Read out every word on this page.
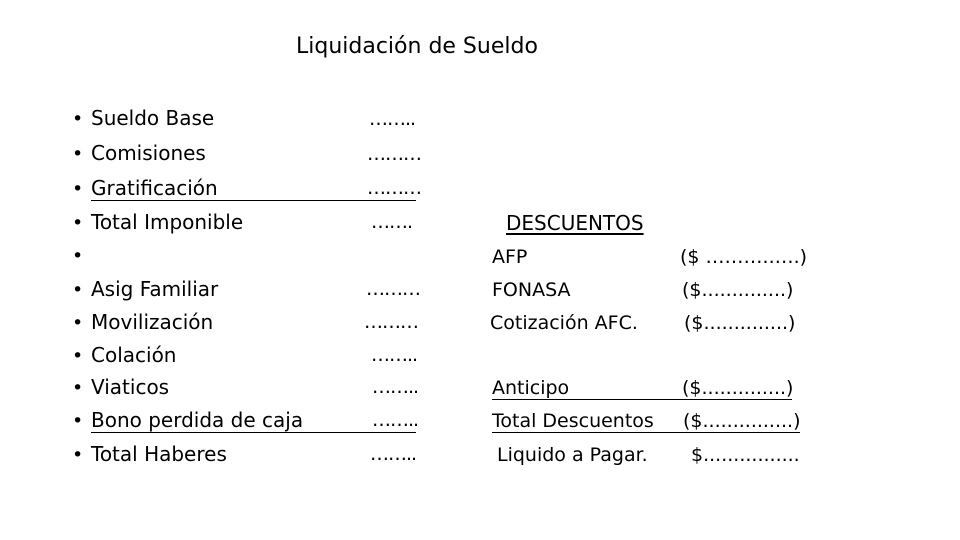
Liquidación de Sueldo
•
•
•
•
•
•
•
•
•
•
•
Sueldo Base
Comisiones
Gratificación
Total Imponible
Asig Familiar
Movilización
Colación
Viaticos
Bono perdida de caja
Total Haberes
……..
………
………
…….
………
………
……..
……..
……..
……..
DESCUENTOS
AFP
FONASA
Cotización AFC.
Anticipo
Total Descuentos
Liquido a Pagar.
($ ………..….)
($..............)
($..............)
($..............)
($...............)
$................
